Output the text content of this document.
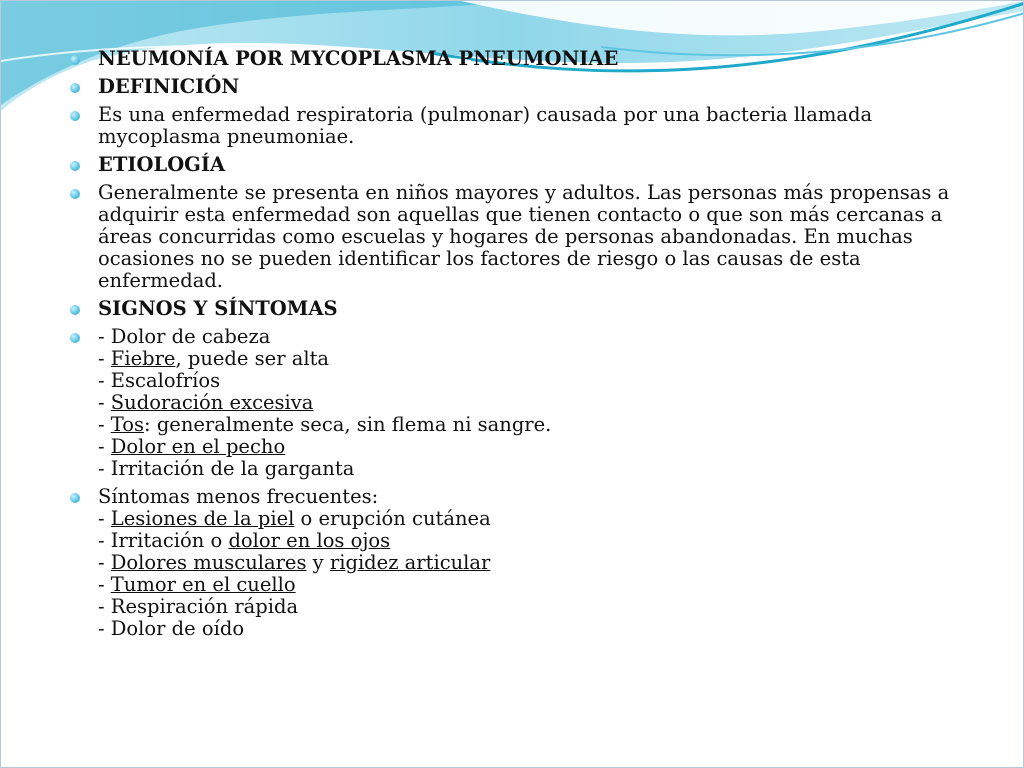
NEUMONÍA POR MYCOPLASMA PNEUMONIAE
DEFINICIÓN
Es una enfermedad respiratoria (pulmonar) causada por una bacteria llamada mycoplasma pneumoniae.
ETIOLOGÍA
Generalmente se presenta en niños mayores y adultos. Las personas más propensas a adquirir esta enfermedad son aquellas que tienen contacto o que son más cercanas a áreas concurridas como escuelas y hogares de personas abandonadas. En muchas ocasiones no se pueden identificar los factores de riesgo o las causas de esta enfermedad.
SIGNOS Y SÍNTOMAS
- Dolor de cabeza
- Fiebre, puede ser alta
- Escalofríos
- Sudoración excesiva
- Tos: generalmente seca, sin flema ni sangre.
- Dolor en el pecho
- Irritación de la garganta
Síntomas menos frecuentes:
- Lesiones de la piel o erupción cutánea
- Irritación o dolor en los ojos
- Dolores musculares y rigidez articular
- Tumor en el cuello
- Respiración rápida
- Dolor de oído
